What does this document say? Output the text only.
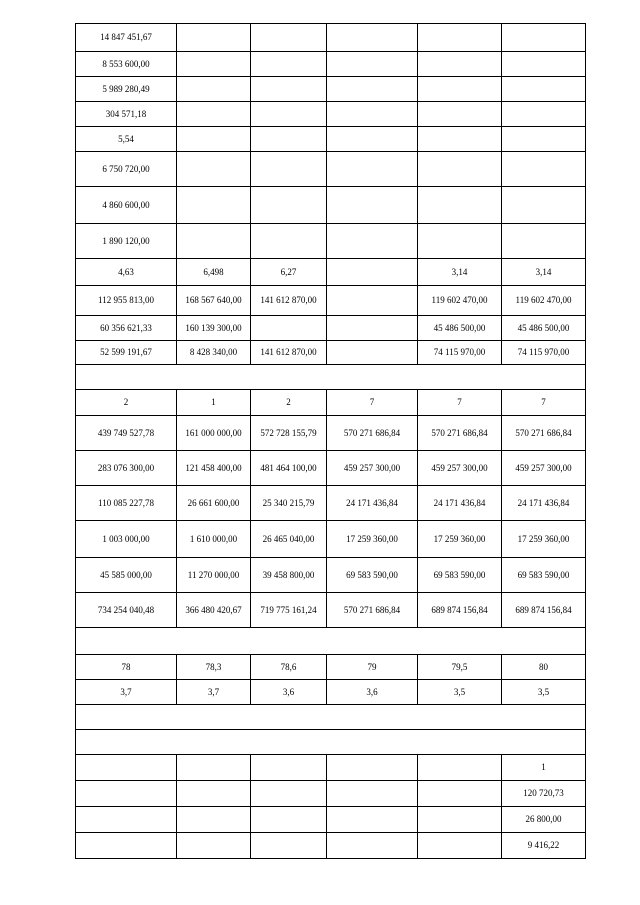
14 847 451,67					
8 553 600,00					
5 989 280,49					
304 571,18					
5,54					
6 750 720,00					
4 860 600,00					
1 890 120,00					
4,63	6,498	6,27		3,14	3,14
112 955 813,00	168 567 640,00	141 612 870,00		119 602 470,00	119 602 470,00
60 356 621,33	160 139 300,00			45 486 500,00	45 486 500,00
52 599 191,67	8 428 340,00	141 612 870,00		74 115 970,00	74 115 970,00

2	1	2	7	7	7
439 749 527,78	161 000 000,00	572 728 155,79	570 271 686,84	570 271 686,84	570 271 686,84
283 076 300,00	121 458 400,00	481 464 100,00	459 257 300,00	459 257 300,00	459 257 300,00
110 085 227,78	26 661 600,00	25 340 215,79	24 171 436,84	24 171 436,84	24 171 436,84
1 003 000,00	1 610 000,00	26 465 040,00	17 259 360,00	17 259 360,00	17 259 360,00
45 585 000,00	11 270 000,00	39 458 800,00	69 583 590,00	69 583 590,00	69 583 590,00
734 254 040,48	366 480 420,67	719 775 161,24	570 271 686,84	689 874 156,84	689 874 156,84

78	78,3	78,6	79	79,5	80
3,7	3,7	3,6	3,6	3,5	3,5

					1
					120 720,73
					26 800,00
					9 416,22
